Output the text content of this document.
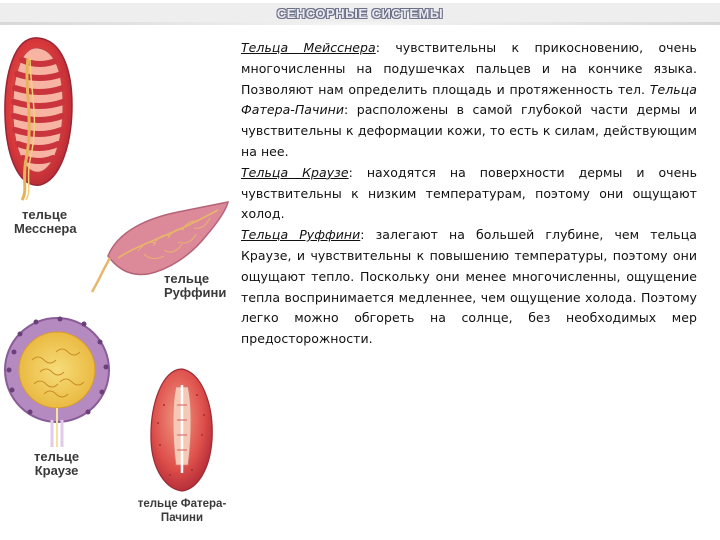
СЕНСОРНЫЕ СИСТЕМЫ
тельце
Месснера
тельце
Руффини
тельце
Краузе
тельце Фатера-
Пачини

Тельца Мейсснера: чувствительны к прикосновению, очень многочисленны на подушечках пальцев и на кончике языка. Позволяют нам определить площадь и протяженность тел. Тельца Фатера-Пачини: расположены в самой глубокой части дермы и чувствительны к деформации кожи, то есть к силам, действующим на нее.
Тельца Краузе: находятся на поверхности дермы и очень чувствительны к низким температурам, поэтому они ощущают холод.
Тельца Руффини: залегают на большей глубине, чем тельца Краузе, и чувствительны к повышению температуры, поэтому они ощущают тепло. Поскольку они менее многочисленны, ощущение тепла воспринимается медленнее, чем ощущение холода. Поэтому легко можно обгореть на солнце, без необходимых мер предосторожности.
